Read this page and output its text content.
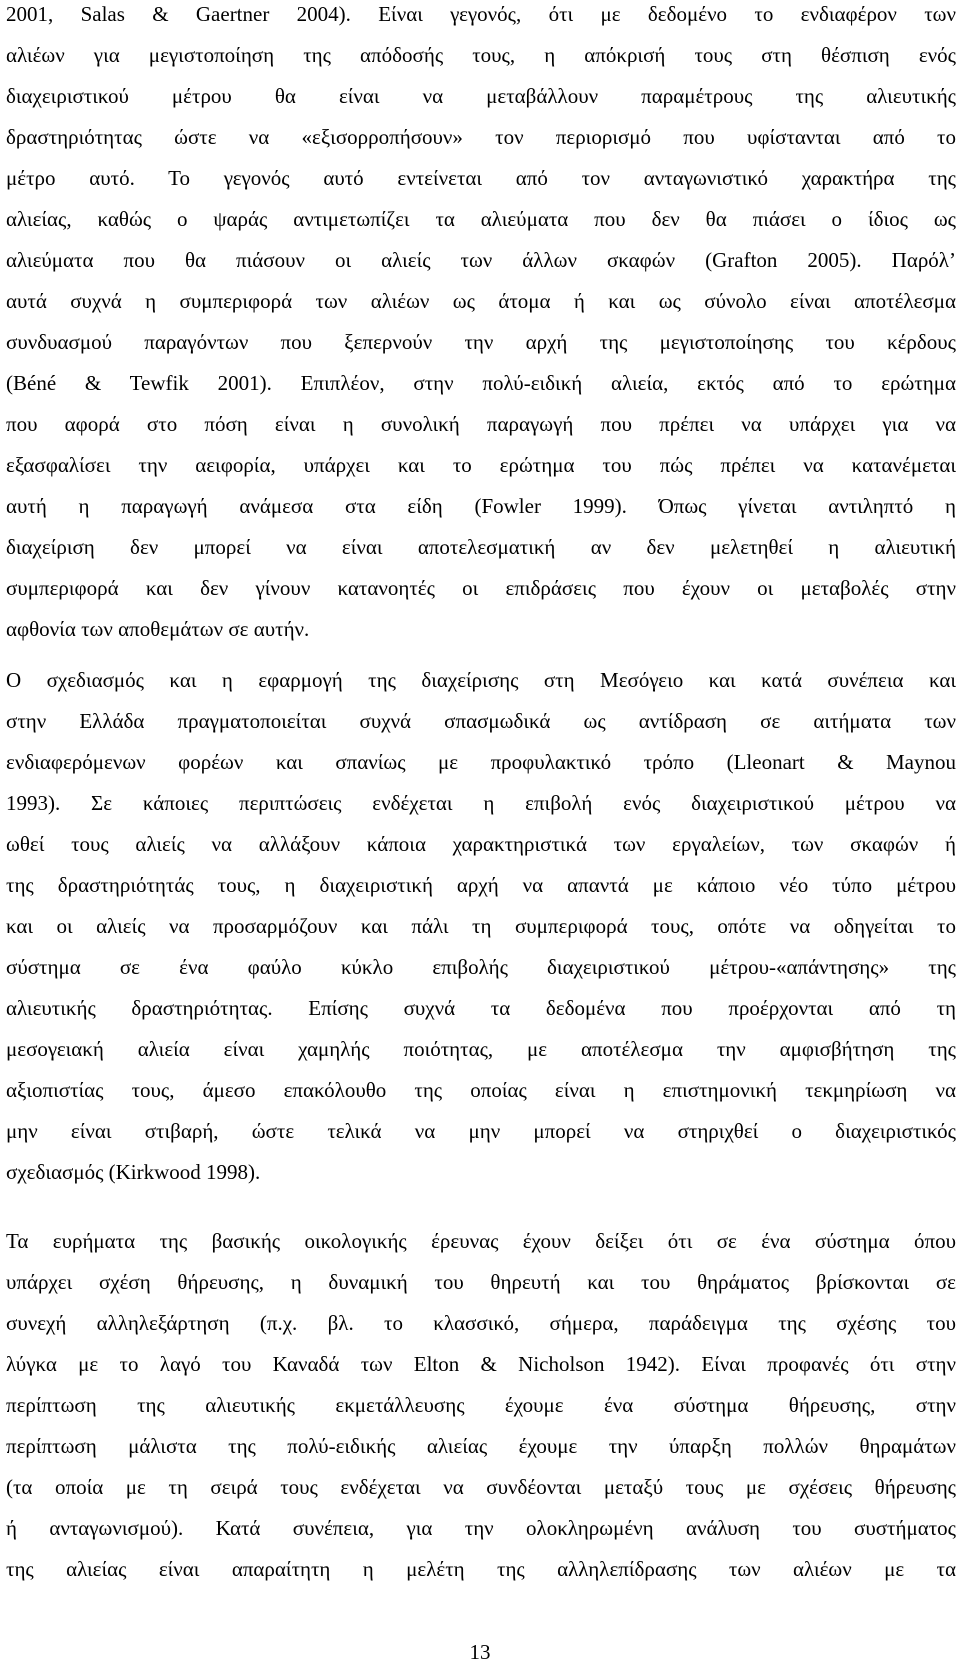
2001, Salas & Gaertner 2004). Είναι γεγονός, ότι με δεδομένο το ενδιαφέρον των
αλιέων για μεγιστοποίηση της απόδοσής τους, η απόκρισή τους στη θέσπιση ενός
διαχειριστικού μέτρου θα είναι να μεταβάλλουν παραμέτρους της αλιευτικής
δραστηριότητας ώστε να «εξισορροπήσουν» τον περιορισμό που υφίστανται από το
μέτρο αυτό. Το γεγονός αυτό εντείνεται από τον ανταγωνιστικό χαρακτήρα της
αλιείας, καθώς ο ψαράς αντιμετωπίζει τα αλιεύματα που δεν θα πιάσει ο ίδιος ως
αλιεύματα που θα πιάσουν οι αλιείς των άλλων σκαφών (Grafton 2005). Παρόλ’
αυτά συχνά η συμπεριφορά των αλιέων ως άτομα ή και ως σύνολο είναι αποτέλεσμα
συνδυασμού παραγόντων που ξεπερνούν την αρχή της μεγιστοποίησης του κέρδους
(Béné & Tewfik 2001). Επιπλέον, στην πολύ-ειδική αλιεία, εκτός από το ερώτημα
που αφορά στο πόση είναι η συνολική παραγωγή που πρέπει να υπάρχει για να
εξασφαλίσει την αειφορία, υπάρχει και το ερώτημα του πώς πρέπει να κατανέμεται
αυτή η παραγωγή ανάμεσα στα είδη (Fowler 1999). Όπως γίνεται αντιληπτό η
διαχείριση δεν μπορεί να είναι αποτελεσματική αν δεν μελετηθεί η αλιευτική
συμπεριφορά και δεν γίνουν κατανοητές οι επιδράσεις που έχουν οι μεταβολές στην
αφθονία των αποθεμάτων σε αυτήν.
Ο σχεδιασμός και η εφαρμογή της διαχείρισης στη Μεσόγειο και κατά συνέπεια και
στην Ελλάδα πραγματοποιείται συχνά σπασμωδικά ως αντίδραση σε αιτήματα των
ενδιαφερόμενων φορέων και σπανίως με προφυλακτικό τρόπο (Lleonart & Maynou
1993). Σε κάποιες περιπτώσεις ενδέχεται η επιβολή ενός διαχειριστικού μέτρου να
ωθεί τους αλιείς να αλλάξουν κάποια χαρακτηριστικά των εργαλείων, των σκαφών ή
της δραστηριότητάς τους, η διαχειριστική αρχή να απαντά με κάποιο νέο τύπο μέτρου
και οι αλιείς να προσαρμόζουν και πάλι τη συμπεριφορά τους, οπότε να οδηγείται το
σύστημα σε ένα φαύλο κύκλο επιβολής διαχειριστικού μέτρου-«απάντησης» της
αλιευτικής δραστηριότητας. Επίσης συχνά τα δεδομένα που προέρχονται από τη
μεσογειακή αλιεία είναι χαμηλής ποιότητας, με αποτέλεσμα την αμφισβήτηση της
αξιοπιστίας τους, άμεσο επακόλουθο της οποίας είναι η επιστημονική τεκμηρίωση να
μην είναι στιβαρή, ώστε τελικά να μην μπορεί να στηριχθεί ο διαχειριστικός
σχεδιασμός (Kirkwood 1998).
Τα ευρήματα της βασικής οικολογικής έρευνας έχουν δείξει ότι σε ένα σύστημα όπου
υπάρχει σχέση θήρευσης, η δυναμική του θηρευτή και του θηράματος βρίσκονται σε
συνεχή αλληλεξάρτηση (π.χ. βλ. το κλασσικό, σήμερα, παράδειγμα της σχέσης του
λύγκα με το λαγό του Καναδά των Elton & Nicholson 1942). Είναι προφανές ότι στην
περίπτωση της αλιευτικής εκμετάλλευσης έχουμε ένα σύστημα θήρευσης, στην
περίπτωση μάλιστα της πολύ-ειδικής αλιείας έχουμε την ύπαρξη πολλών θηραμάτων
(τα οποία με τη σειρά τους ενδέχεται να συνδέονται μεταξύ τους με σχέσεις θήρευσης
ή ανταγωνισμού). Κατά συνέπεια, για την ολοκληρωμένη ανάλυση του συστήματος
της αλιείας είναι απαραίτητη η μελέτη της αλληλεπίδρασης των αλιέων με τα
13
